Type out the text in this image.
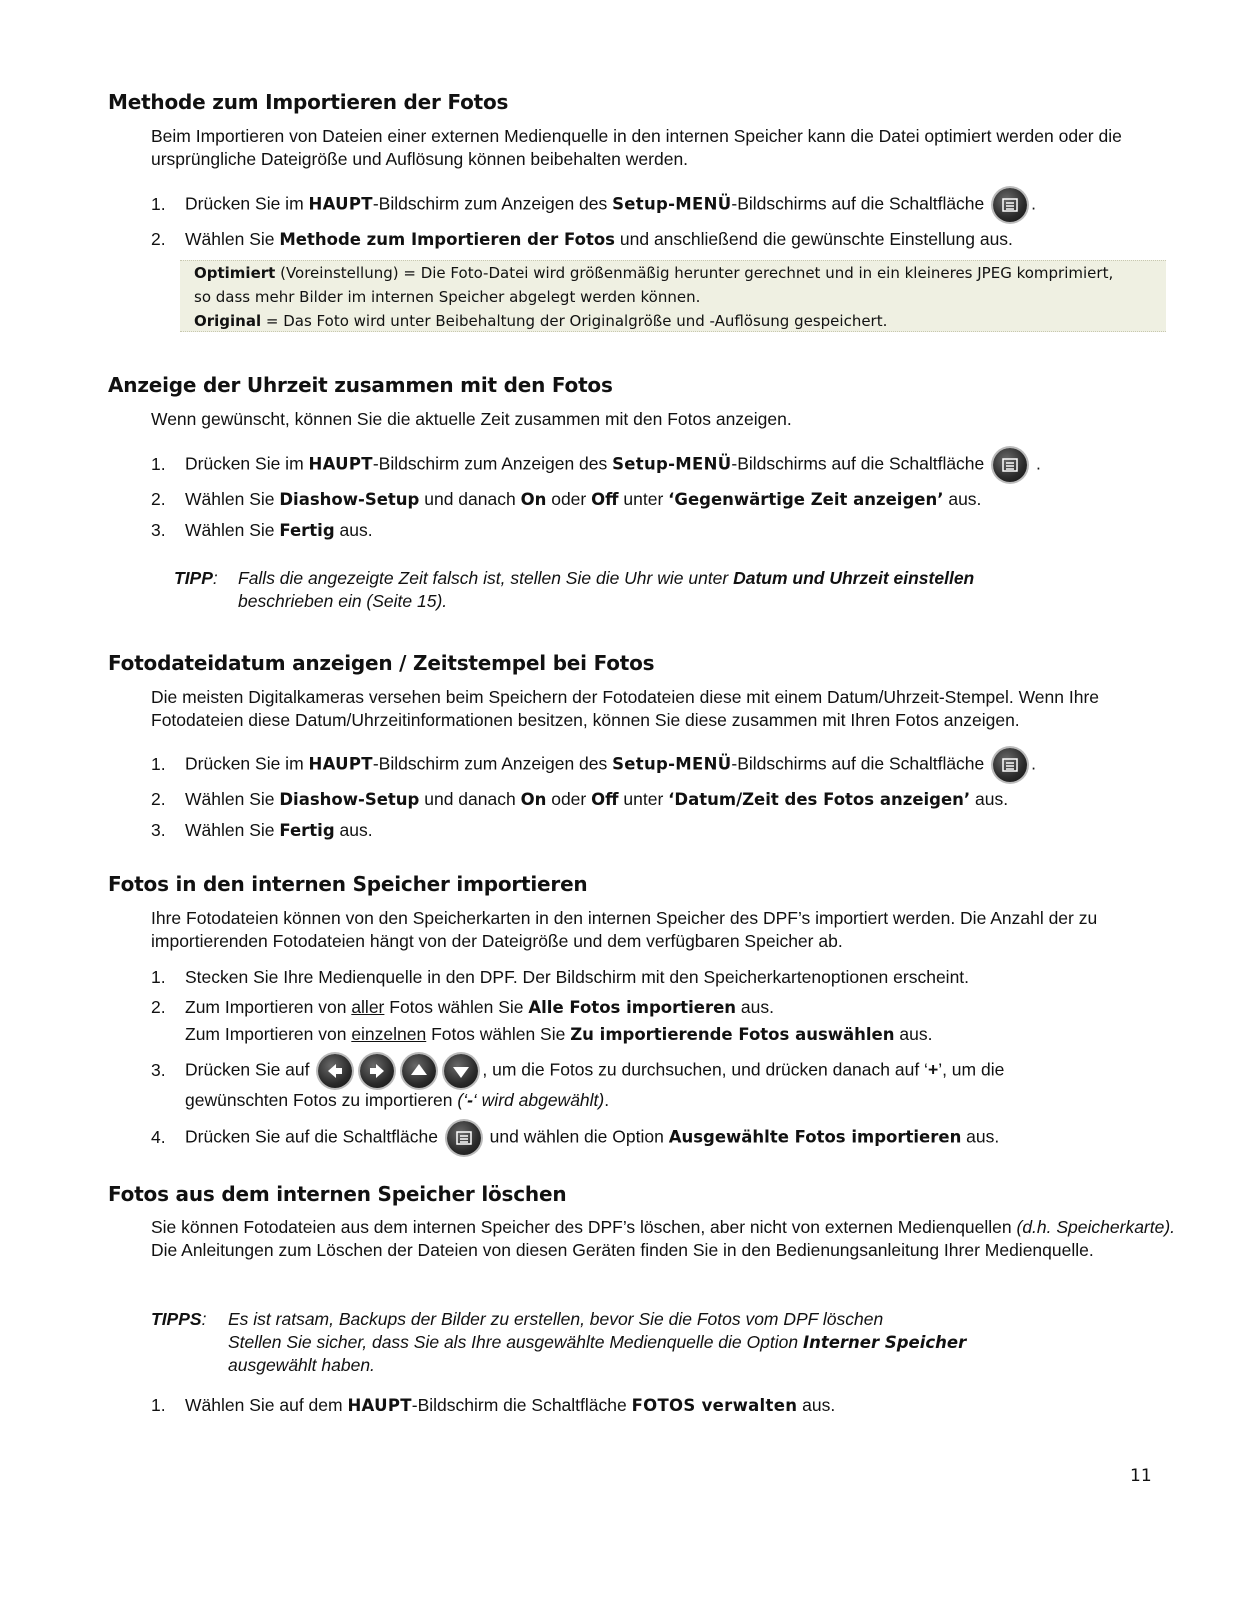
Methode zum Importieren der Fotos
Beim Importieren von Dateien einer externen Medienquelle in den internen Speicher kann die Datei optimiert werden oder die ursprüngliche Dateigröße und Auflösung können beibehalten werden.
1. Drücken Sie im HAUPT-Bildschirm zum Anzeigen des Setup-MENÜ-Bildschirms auf die Schaltfläche	.
2. Wählen Sie Methode zum Importieren der Fotos und anschließend die gewünschte Einstellung aus.
Optimiert (Voreinstellung) = Die Foto-Datei wird größenmäßig herunter gerechnet und in ein kleineres JPEG komprimiert,
so dass mehr Bilder im internen Speicher abgelegt werden können.
Original = Das Foto wird unter Beibehaltung der Originalgröße und -Auflösung gespeichert.
Anzeige der Uhrzeit zusammen mit den Fotos
Wenn gewünscht, können Sie die aktuelle Zeit zusammen mit den Fotos anzeigen.
1. Drücken Sie im HAUPT-Bildschirm zum Anzeigen des Setup-MENÜ-Bildschirms auf die Schaltfläche	.
2. Wählen Sie Diashow-Setup und danach On oder Off unter ‘Gegenwärtige Zeit anzeigen’ aus.
3. Wählen Sie Fertig aus.
TIPP: Falls die angezeigte Zeit falsch ist, stellen Sie die Uhr wie unter Datum und Uhrzeit einstellen
beschrieben ein (Seite 15).
Fotodateidatum anzeigen / Zeitstempel bei Fotos
Die meisten Digitalkameras versehen beim Speichern der Fotodateien diese mit einem Datum/Uhrzeit-Stempel. Wenn Ihre Fotodateien diese Datum/Uhrzeitinformationen besitzen, können Sie diese zusammen mit Ihren Fotos anzeigen.
1. Drücken Sie im HAUPT-Bildschirm zum Anzeigen des Setup-MENÜ-Bildschirms auf die Schaltfläche	.
2. Wählen Sie Diashow-Setup und danach On oder Off unter ‘Datum/Zeit des Fotos anzeigen’ aus.
3. Wählen Sie Fertig aus.
Fotos in den internen Speicher importieren
Ihre Fotodateien können von den Speicherkarten in den internen Speicher des DPF’s importiert werden. Die Anzahl der zu importierenden Fotodateien hängt von der Dateigröße und dem verfügbaren Speicher ab.
1. Stecken Sie Ihre Medienquelle in den DPF. Der Bildschirm mit den Speicherkartenoptionen erscheint.
2. Zum Importieren von aller Fotos wählen Sie Alle Fotos importieren aus.
Zum Importieren von einzelnen Fotos wählen Sie Zu importierende Fotos auswählen aus.
3. Drücken Sie auf	, um die Fotos zu durchsuchen, und drücken danach auf ‘+’, um die
gewünschten Fotos zu importieren (‘-‘ wird abgewählt).
4. Drücken Sie auf die Schaltfläche	und wählen die Option Ausgewählte Fotos importieren aus.
Fotos aus dem internen Speicher löschen
Sie können Fotodateien aus dem internen Speicher des DPF’s löschen, aber nicht von externen Medienquellen (d.h. Speicherkarte). Die Anleitungen zum Löschen der Dateien von diesen Geräten finden Sie in den Bedienungsanleitung Ihrer Medienquelle.
TIPPS: Es ist ratsam, Backups der Bilder zu erstellen, bevor Sie die Fotos vom DPF löschen
Stellen Sie sicher, dass Sie als Ihre ausgewählte Medienquelle die Option Interner Speicher
ausgewählt haben.
1. Wählen Sie auf dem HAUPT-Bildschirm die Schaltfläche FOTOS verwalten aus.
11
